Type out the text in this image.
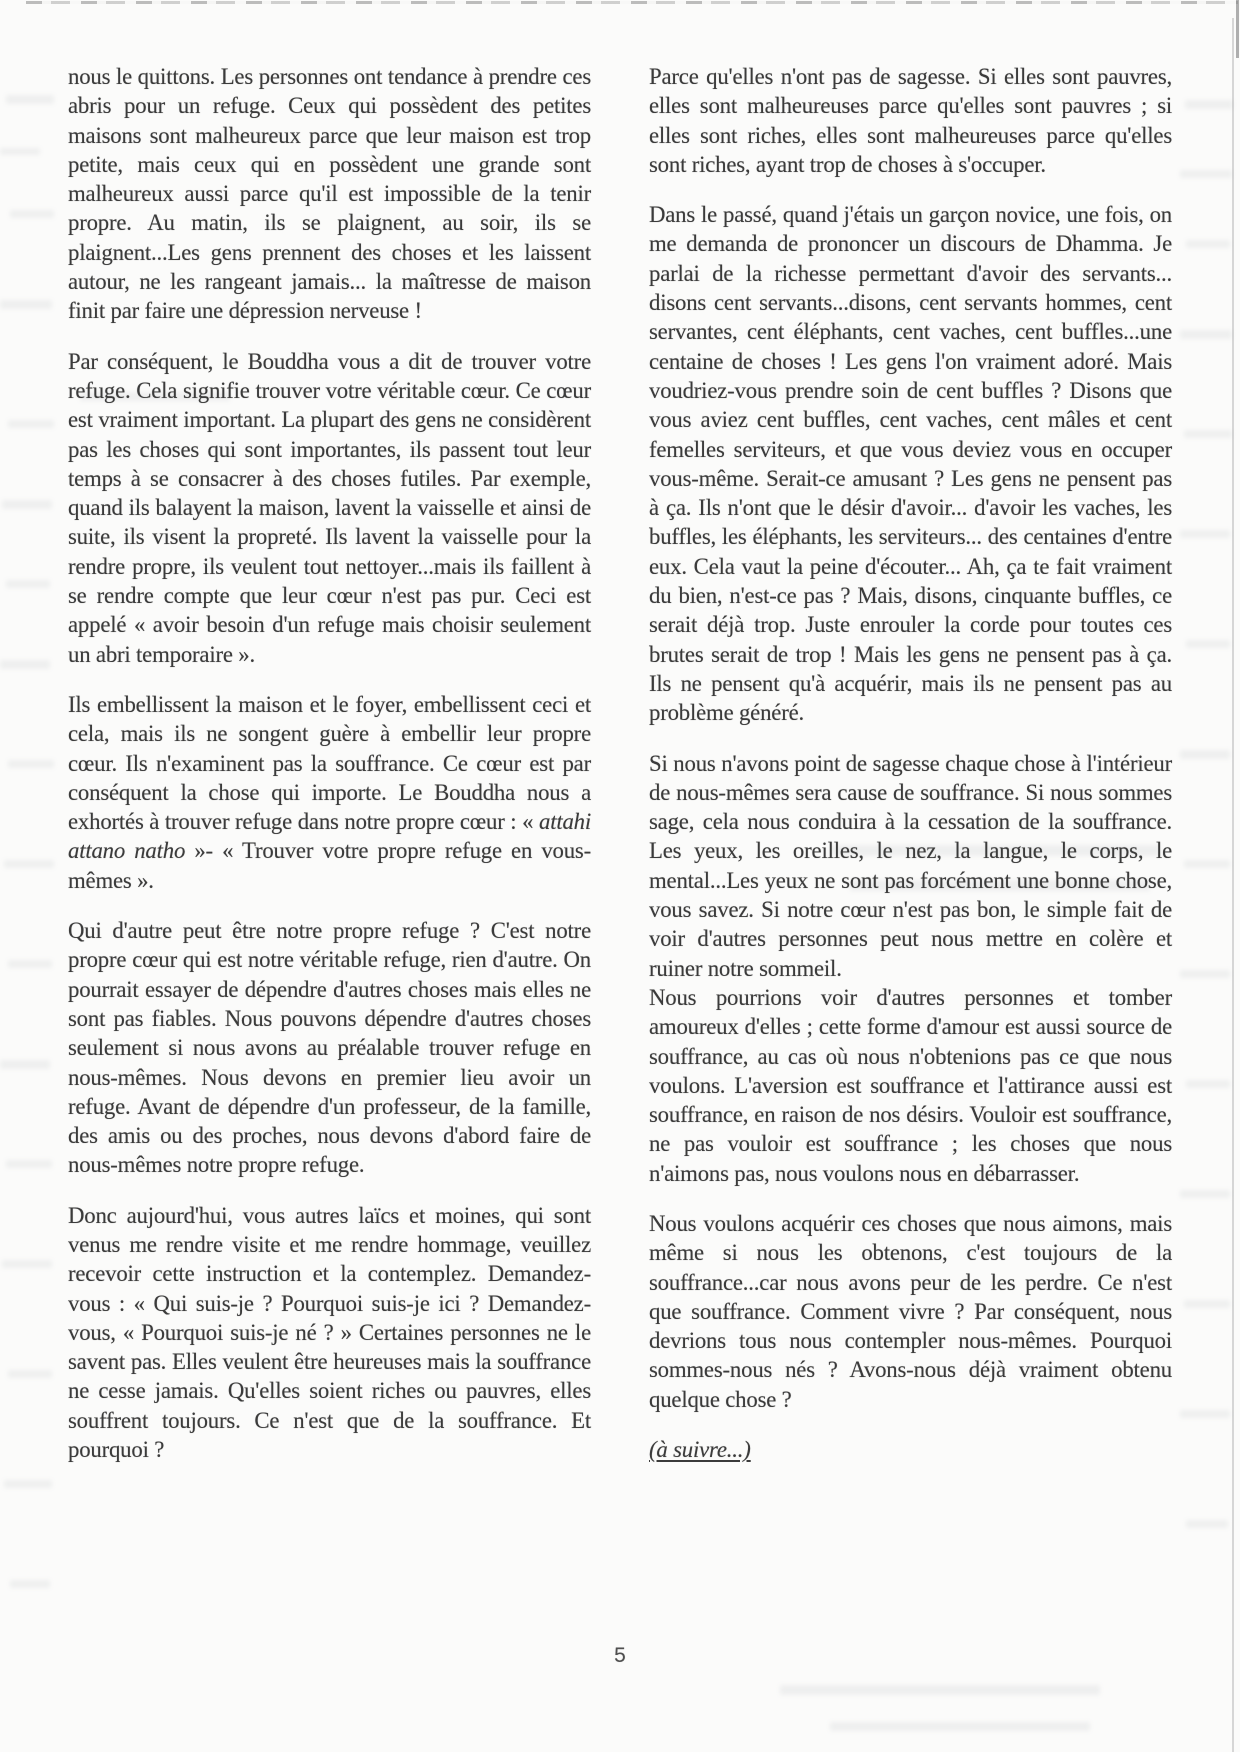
nous le quittons. Les personnes ont tendance à prendre ces abris pour un refuge. Ceux qui possèdent des petites maisons sont malheureux parce que leur maison est trop petite, mais ceux qui en possèdent une grande sont malheureux aussi parce qu'il est impossible de la tenir propre. Au matin, ils se plaignent, au soir, ils se plaignent...Les gens prennent des choses et les laissent autour, ne les rangeant jamais... la maîtresse de maison finit par faire une dépression nerveuse !

Par conséquent, le Bouddha vous a dit de trouver votre refuge. Cela signifie trouver votre véritable cœur. Ce cœur est vraiment important. La plupart des gens ne considèrent pas les choses qui sont importantes, ils passent tout leur temps à se consacrer à des choses futiles. Par exemple, quand ils balayent la maison, lavent la vaisselle et ainsi de suite, ils visent la propreté. Ils lavent la vaisselle pour la rendre propre, ils veulent tout nettoyer...mais ils faillent à se rendre compte que leur cœur n'est pas pur. Ceci est appelé « avoir besoin d'un refuge mais choisir seulement un abri temporaire ».

Ils embellissent la maison et le foyer, embellissent ceci et cela, mais ils ne songent guère à embellir leur propre cœur. Ils n'examinent pas la souffrance. Ce cœur est par conséquent la chose qui importe. Le Bouddha nous a exhortés à trouver refuge dans notre propre cœur : « attahi attano natho »- « Trouver votre propre refuge en vous-mêmes ».

Qui d'autre peut être notre propre refuge ? C'est notre propre cœur qui est notre véritable refuge, rien d'autre. On pourrait essayer de dépendre d'autres choses mais elles ne sont pas fiables. Nous pouvons dépendre d'autres choses seulement si nous avons au préalable trouver refuge en nous-mêmes. Nous devons en premier lieu avoir un refuge. Avant de dépendre d'un professeur, de la famille, des amis ou des proches, nous devons d'abord faire de nous-mêmes notre propre refuge.

Donc aujourd'hui, vous autres laïcs et moines, qui sont venus me rendre visite et me rendre hommage, veuillez recevoir cette instruction et la contemplez. Demandez-vous : « Qui suis-je ? Pourquoi suis-je ici ? Demandez-vous, « Pourquoi suis-je né ? » Certaines personnes ne le savent pas. Elles veulent être heureuses mais la souffrance ne cesse jamais. Qu'elles soient riches ou pauvres, elles souffrent toujours. Ce n'est que de la souffrance. Et pourquoi ?

Parce qu'elles n'ont pas de sagesse. Si elles sont pauvres, elles sont malheureuses parce qu'elles sont pauvres ; si elles sont riches, elles sont malheureuses parce qu'elles sont riches, ayant trop de choses à s'occuper.

Dans le passé, quand j'étais un garçon novice, une fois, on me demanda de prononcer un discours de Dhamma. Je parlai de la richesse permettant d'avoir des servants... disons cent servants...disons, cent servants hommes, cent servantes, cent éléphants, cent vaches, cent buffles...une centaine de choses ! Les gens l'on vraiment adoré. Mais voudriez-vous prendre soin de cent buffles ? Disons que vous aviez cent buffles, cent vaches, cent mâles et cent femelles serviteurs, et que vous deviez vous en occuper vous-même. Serait-ce amusant ? Les gens ne pensent pas à ça. Ils n'ont que le désir d'avoir... d'avoir les vaches, les buffles, les éléphants, les serviteurs... des centaines d'entre eux. Cela vaut la peine d'écouter... Ah, ça te fait vraiment du bien, n'est-ce pas ? Mais, disons, cinquante buffles, ce serait déjà trop. Juste enrouler la corde pour toutes ces brutes serait de trop ! Mais les gens ne pensent pas à ça. Ils ne pensent qu'à acquérir, mais ils ne pensent pas au problème généré.

Si nous n'avons point de sagesse chaque chose à l'intérieur de nous-mêmes sera cause de souffrance. Si nous sommes sage, cela nous conduira à la cessation de la souffrance. Les yeux, les oreilles, le nez, la langue, le corps, le mental...Les yeux ne sont pas forcément une bonne chose, vous savez. Si notre cœur n'est pas bon, le simple fait de voir d'autres personnes peut nous mettre en colère et ruiner notre sommeil.

Nous pourrions voir d'autres personnes et tomber amoureux d'elles ; cette forme d'amour est aussi source de souffrance, au cas où nous n'obtenions pas ce que nous voulons. L'aversion est souffrance et l'attirance aussi est souffrance, en raison de nos désirs. Vouloir est souffrance, ne pas vouloir est souffrance ; les choses que nous n'aimons pas, nous voulons nous en débarrasser.

Nous voulons acquérir ces choses que nous aimons, mais même si nous les obtenons, c'est toujours de la souffrance...car nous avons peur de les perdre. Ce n'est que souffrance. Comment vivre ? Par conséquent, nous devrions tous nous contempler nous-mêmes. Pourquoi sommes-nous nés ? Avons-nous déjà vraiment obtenu quelque chose ?

(à suivre...)

5
